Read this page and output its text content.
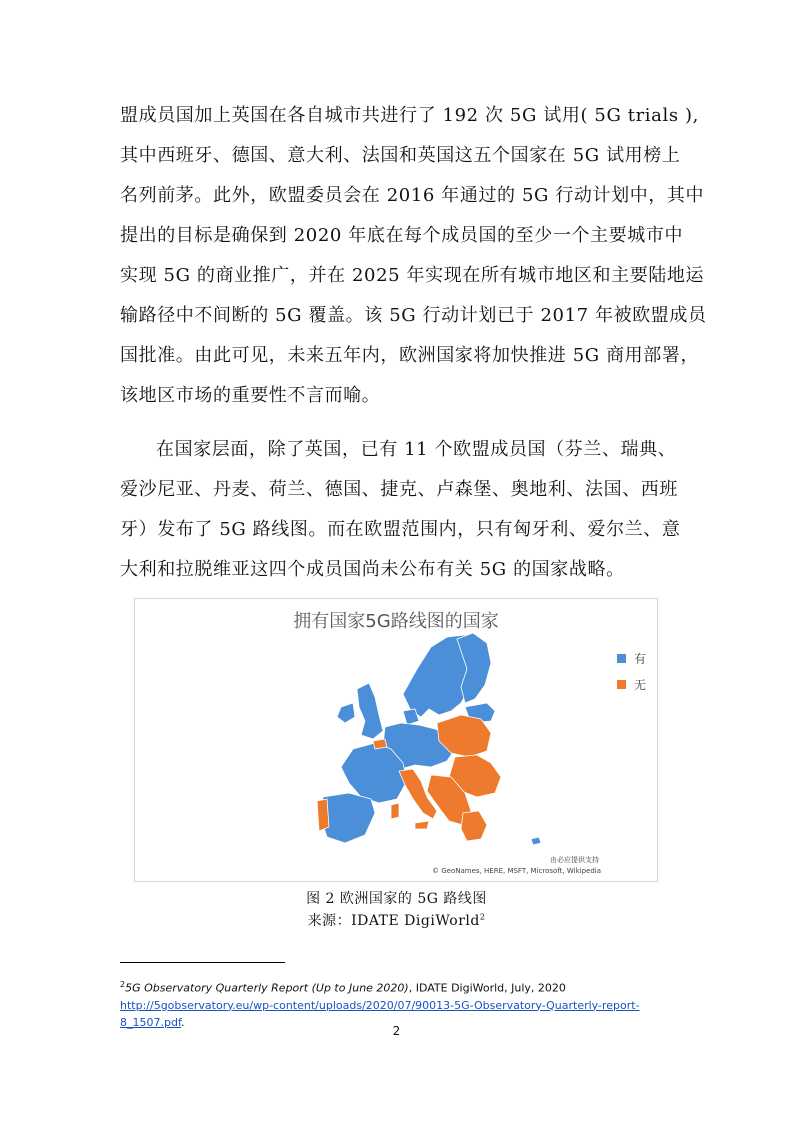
盟成员国加上英国在各自城市共进行了 192 次 5G 试用( 5G trials ),
其中西班牙、德国、意大利、法国和英国这五个国家在 5G 试用榜上
名列前茅。此外，欧盟委员会在 2016 年通过的 5G 行动计划中，其中
提出的目标是确保到 2020 年底在每个成员国的至少一个主要城市中
实现 5G 的商业推广，并在 2025 年实现在所有城市地区和主要陆地运
输路径中不间断的 5G 覆盖。该 5G 行动计划已于 2017 年被欧盟成员
国批准。由此可见，未来五年内，欧洲国家将加快推进 5G 商用部署，
该地区市场的重要性不言而喻。
在国家层面，除了英国，已有 11 个欧盟成员国（芬兰、瑞典、
爱沙尼亚、丹麦、荷兰、德国、捷克、卢森堡、奥地利、法国、西班
牙）发布了 5G 路线图。而在欧盟范围内，只有匈牙利、爱尔兰、意
大利和拉脱维亚这四个成员国尚未公布有关 5G 的国家战略。
拥有国家5G路线图的国家
有
无
由必应提供支持
© GeoNames, HERE, MSFT, Microsoft, Wikipedia
图 2 欧洲国家的 5G 路线图
来源：IDATE DigiWorld$^2$
$^2$5G Observatory Quarterly Report (Up to June 2020), IDATE DigiWorld, July, 2020
http://5gobservatory.eu/wp-content/uploads/2020/07/90013-5G-Observatory-Quarterly-report-
8_1507.pdf.
2
